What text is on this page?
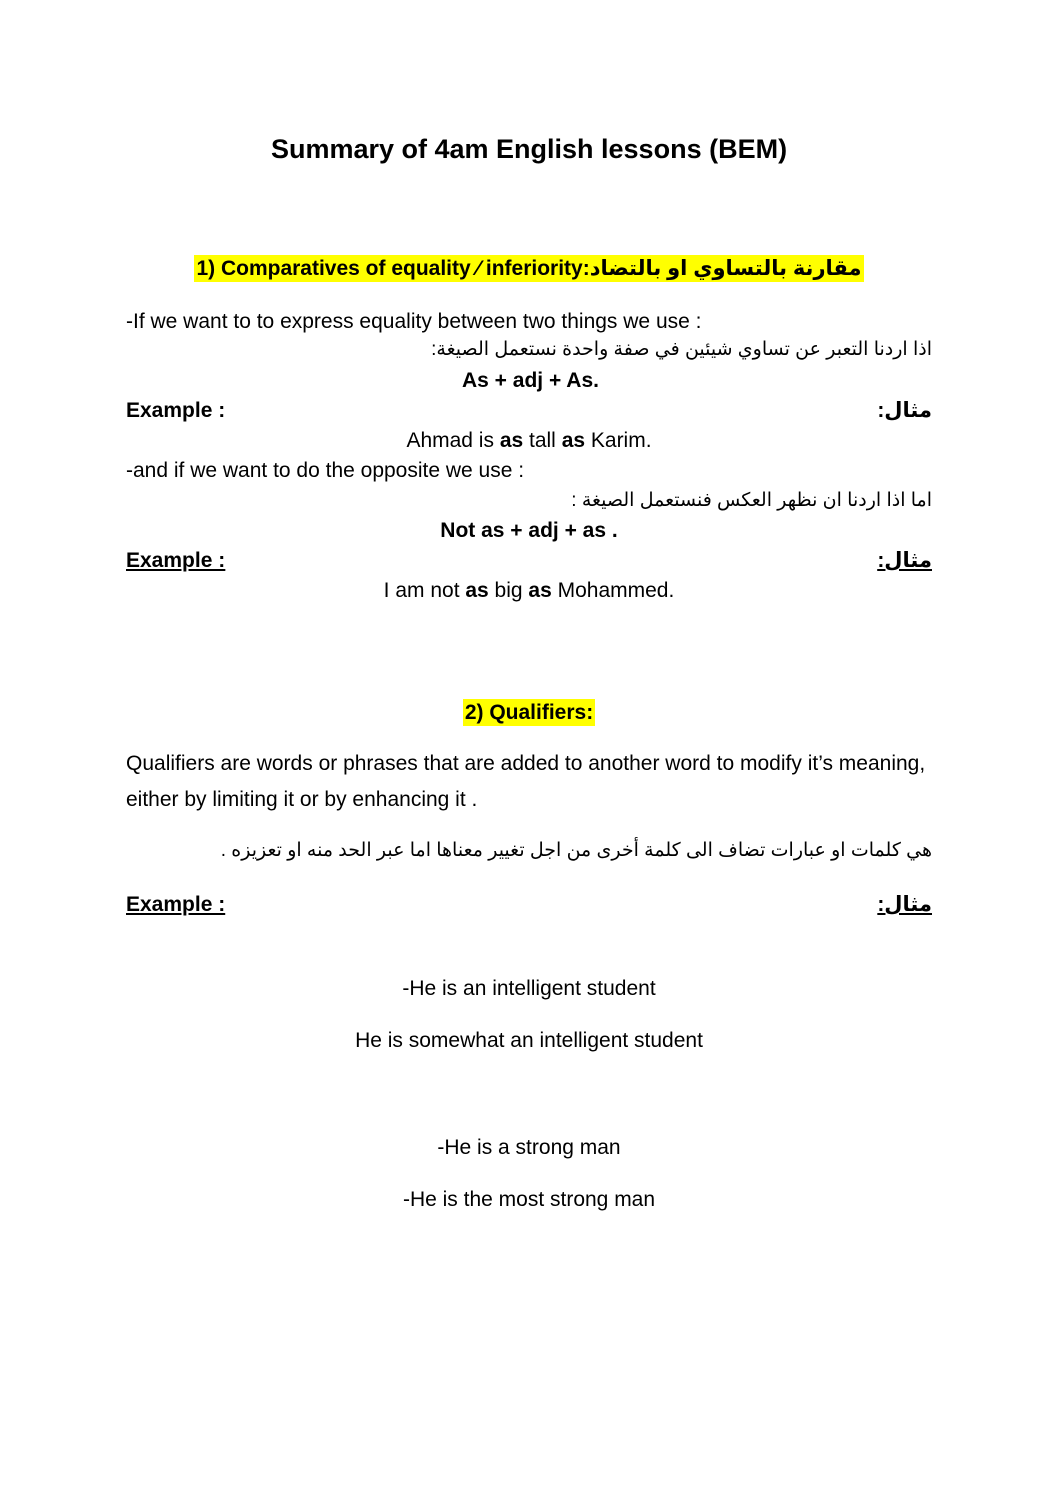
Summary of 4am English lessons (BEM)
1) Comparatives of equality ⁄ inferiority:مقارنة بالتساوي او بالتضاد
-If we want to to express equality between two things we use :
اذا اردنا التعبر عن تساوي شيئين في صفة واحدة نستعمل الصيغة:
As + adj + As.
Example :	مثال:
Ahmad is as tall as Karim.
-and if we want to do the opposite we use :
اما اذا اردنا ان نظهر العكس فنستعمل الصيغة :
Not as + adj + as .
Example :	مثال:
I am not as big as Mohammed.
2) Qualifiers:
Qualifiers are words or phrases that are added to another word to modify it’s meaning, either by limiting it or by enhancing it .
هي كلمات او عبارات تضاف الى كلمة أخرى من اجل تغيير معناها اما عبر الحد منه او تعزيزه .
Example :	مثال:
-He is an intelligent student
He is somewhat an intelligent student
-He is a strong man
-He is the most strong man
